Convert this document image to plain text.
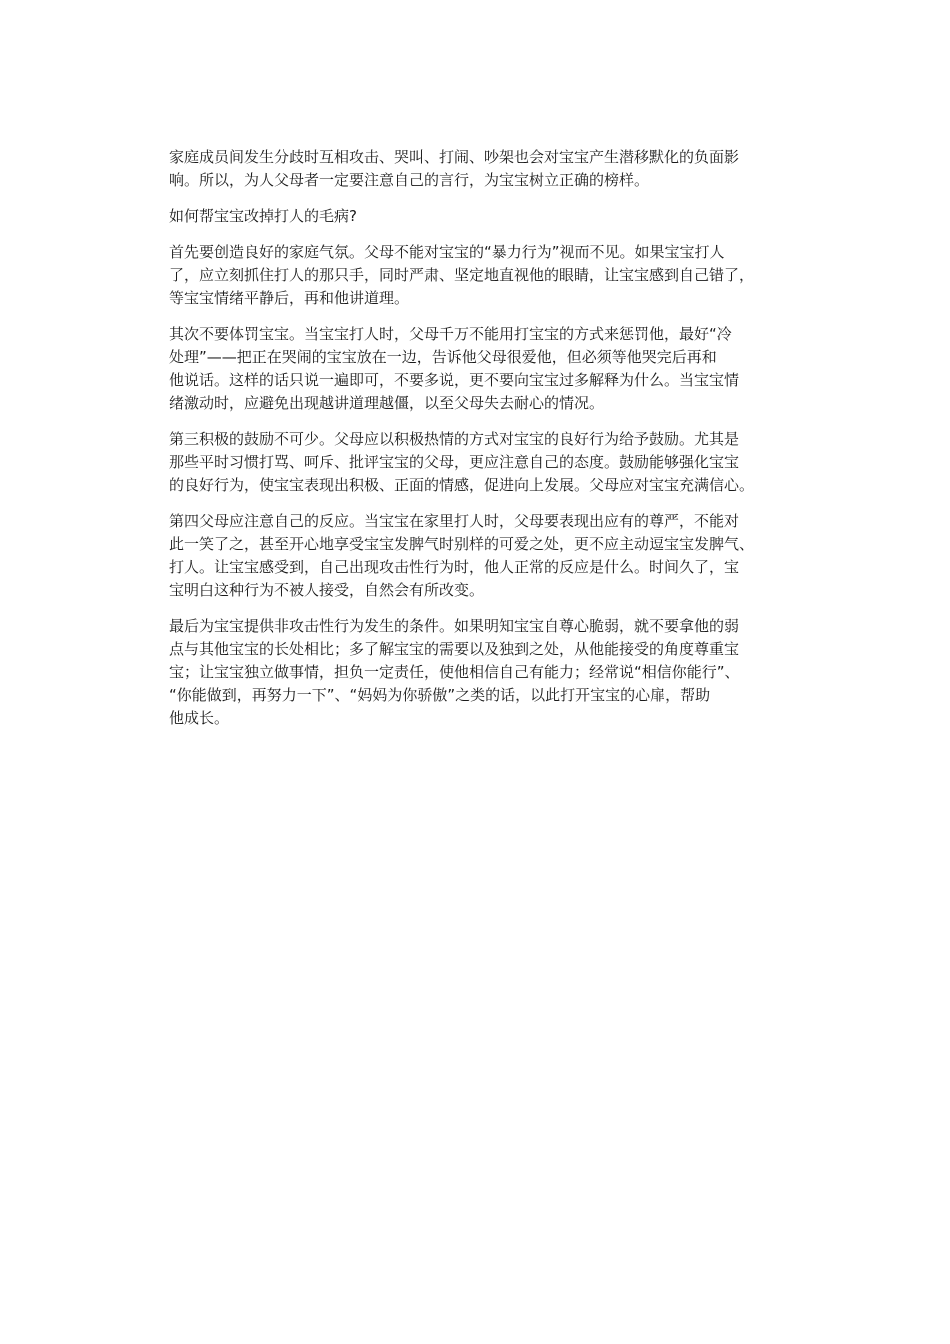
家庭成员间发生分歧时互相攻击、哭叫、打闹、吵架也会对宝宝产生潜移默化的负面影
响。所以，为人父母者一定要注意自己的言行，为宝宝树立正确的榜样。

如何帮宝宝改掉打人的毛病?

首先要创造良好的家庭气氛。父母不能对宝宝的“暴力行为”视而不见。如果宝宝打人
了，应立刻抓住打人的那只手，同时严肃、坚定地直视他的眼睛，让宝宝感到自己错了，
等宝宝情绪平静后，再和他讲道理。

其次不要体罚宝宝。当宝宝打人时，父母千万不能用打宝宝的方式来惩罚他，最好“冷
处理”——把正在哭闹的宝宝放在一边，告诉他父母很爱他，但必须等他哭完后再和
他说话。这样的话只说一遍即可，不要多说，更不要向宝宝过多解释为什么。当宝宝情
绪激动时，应避免出现越讲道理越僵，以至父母失去耐心的情况。

第三积极的鼓励不可少。父母应以积极热情的方式对宝宝的良好行为给予鼓励。尤其是
那些平时习惯打骂、呵斥、批评宝宝的父母，更应注意自己的态度。鼓励能够强化宝宝
的良好行为，使宝宝表现出积极、正面的情感，促进向上发展。父母应对宝宝充满信心。

第四父母应注意自己的反应。当宝宝在家里打人时，父母要表现出应有的尊严，不能对
此一笑了之，甚至开心地享受宝宝发脾气时别样的可爱之处，更不应主动逗宝宝发脾气、
打人。让宝宝感受到，自己出现攻击性行为时，他人正常的反应是什么。时间久了，宝
宝明白这种行为不被人接受，自然会有所改变。

最后为宝宝提供非攻击性行为发生的条件。如果明知宝宝自尊心脆弱，就不要拿他的弱
点与其他宝宝的长处相比；多了解宝宝的需要以及独到之处，从他能接受的角度尊重宝
宝；让宝宝独立做事情，担负一定责任，使他相信自己有能力；经常说“相信你能行”、
“你能做到，再努力一下”、“妈妈为你骄傲”之类的话，以此打开宝宝的心扉，帮助
他成长。
